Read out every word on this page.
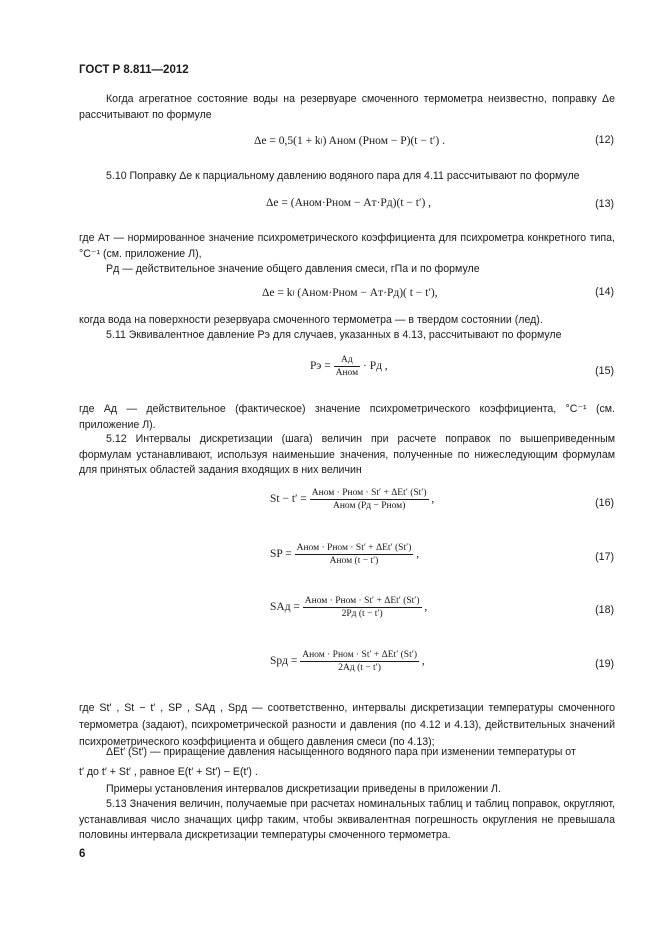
ГОСТ Р 8.811—2012
Когда агрегатное состояние воды на резервуаре смоченного термометра неизвестно, поправку Δe рассчитывают по формуле
Δe = 0,5(1 + kₗ) Aном (Pном − P)(t − t′) .	(12)
5.10 Поправку Δe к парциальному давлению водяного пара для 4.11 рассчитывают по формуле
Δe = (Aном·Pном − Aт·Pд)(t − t′) ,	(13)
где Aт — нормированное значение психрометрического коэффициента для психрометра конкретного типа, °С⁻¹ (см. приложение Л),
Pд — действительное значение общего давления смеси, гПа и по формуле
Δe = kₗ (Aном·Pном − Aт·Pд)( t − t′),	(14)
когда вода на поверхности резервуара смоченного термометра — в твердом состоянии (лед).
5.11 Эквивалентное давление Pэ для случаев, указанных в 4.13, рассчитывают по формуле
Pэ = $\frac{Aд}{\text{Aном}}$ · Pд ,	(15)
где Aд — действительное (фактическое) значение психрометрического коэффициента, °С⁻¹ (см. приложение Л).
5.12 Интервалы дискретизации (шага) величин при расчете поправок по вышеприведенным формулам устанавливают, используя наименьшие значения, полученные по нижеследующим формулам для принятых областей задания входящих в них величин
$St - t' = \frac{\text{Aном · Pном · St′ + ΔEt′ (St′)}}{\text{Aном (Pд − Pном)}}$ ,	(16)
SP = $\frac{\text{Aном · Pном · St′ + ΔEt′ (St′)}}{\text{Aном (t − t′)}}$ ,	(17)
SAд = $\frac{\text{Aном · Pном · St′ + ΔEt′ (St′)}}{2Pд (t - t')}$ ,	(18)
Spд = $\frac{\text{Aном · Pном · St′ + ΔEt′ (St′)}}{2Aд (t - t')}$ ,	(19)
где St′ , St − t′ , SP , SAд , Spд — соответственно, интервалы дискретизации температуры смоченного термометра (задают), психрометрической разности и давления (по 4.12 и 4.13), действительных значений психрометрического коэффициента и общего давления смеси (по 4.13);
ΔEt′ (St′) — приращение давления насыщенного водяного пара при изменении температуры от
t′ до t′ + St′ , равное E(t′ + St′) − E(t′) .
Примеры установления интервалов дискретизации приведены в приложении Л.
5.13 Значения величин, получаемые при расчетах номинальных таблиц и таблиц поправок, округляют, устанавливая число значащих цифр таким, чтобы эквивалентная погрешность округления не превышала половины интервала дискретизации температуры смоченного термометра.
6
